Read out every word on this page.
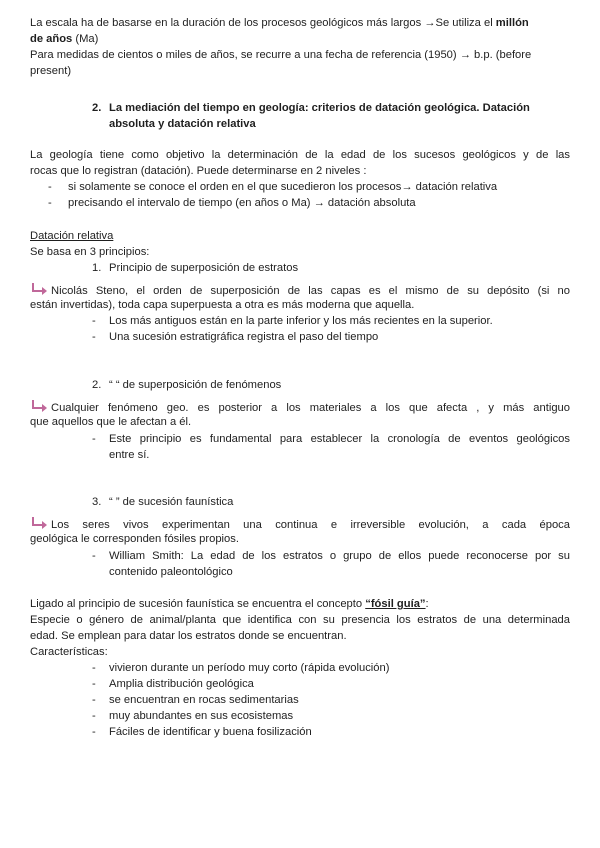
La escala ha de basarse en la duración de los procesos geológicos más largos →Se utiliza el millón
de años (Ma)
Para medidas de cientos o miles de años, se recurre a una fecha de referencia (1950) → b.p. (before
present)
2. La mediación del tiempo en geología: criterios de datación geológica. Datación
absoluta y datación relativa
La geología tiene como objetivo la determinación de la edad de los sucesos geológicos y de las
rocas que lo registran (datación). Puede determinarse en 2 niveles :
- si solamente se conoce el orden en el que sucedieron los procesos→ datación relativa
- precisando el intervalo de tiempo (en años o Ma) → datación absoluta
Datación relativa
Se basa en 3 principios:
1. Principio de superposición de estratos
Nicolás Steno, el orden de superposición de las capas es el mismo de su depósito (si no
están invertidas), toda capa superpuesta a otra es más moderna que aquella.
- Los más antiguos están en la parte inferior y los más recientes en la superior.
- Una sucesión estratigráfica registra el paso del tiempo
2. “ “ de superposición de fenómenos
Cualquier fenómeno geo. es posterior a los materiales a los que afecta , y más antiguo
que aquellos que le afectan a él.
- Este principio es fundamental para establecer la cronología de eventos geológicos
entre sí.
3. “ ” de sucesión faunística
Los seres vivos experimentan una continua e irreversible evolución, a cada época
geológica le corresponden fósiles propios.
- William Smith: La edad de los estratos o grupo de ellos puede reconocerse por su
contenido paleontológico
Ligado al principio de sucesión faunística se encuentra el concepto “fósil guía”:
Especie o género de animal/planta que identifica con su presencia los estratos de una determinada
edad. Se emplean para datar los estratos donde se encuentran.
Características:
- vivieron durante un período muy corto (rápida evolución)
- Amplia distribución geológica
- se encuentran en rocas sedimentarias
- muy abundantes en sus ecosistemas
- Fáciles de identificar y buena fosilización
